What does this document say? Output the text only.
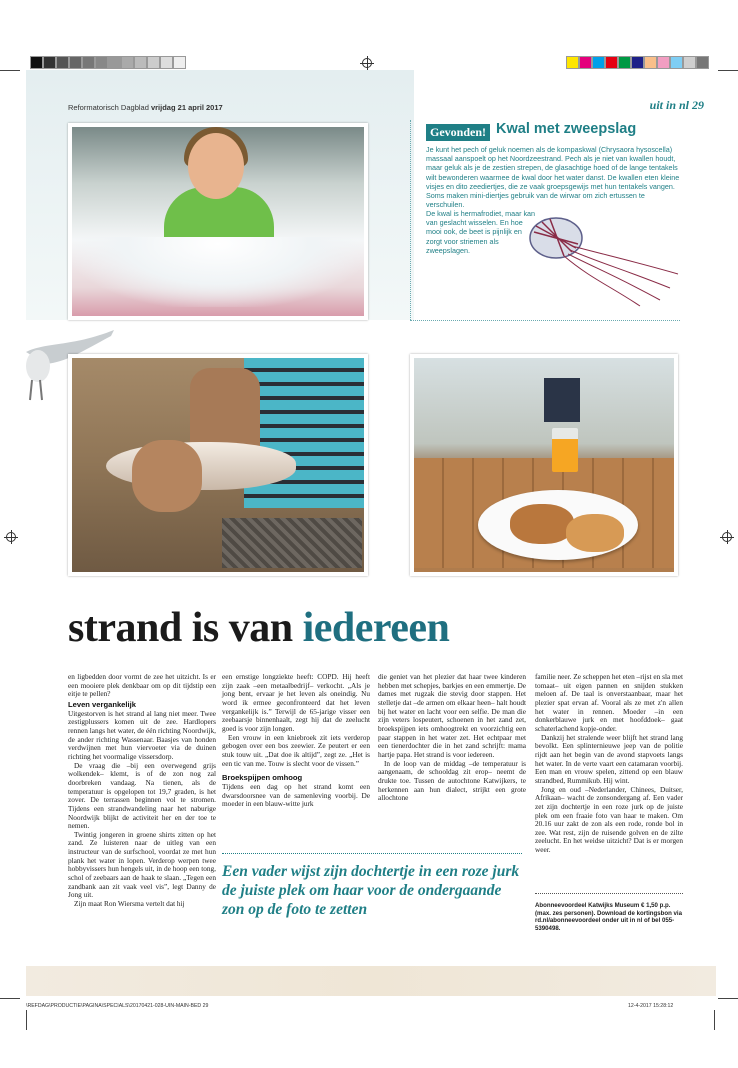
Reformatorisch Dagblad vrijdag 21 april 2017	uit in nl 29
Gevonden! Kwal met zweepslag
Je kunt het pech of geluk noemen als de kompaskwal (Chrysaora hysoscella) massaal aanspoelt op het Noordzeestrand. Pech als je niet van kwallen houdt, maar geluk als je de zestien strepen, de glasachtige hoed of de lange tentakels wilt bewonderen waarmee de kwal door het water danst. De kwallen eten kleine visjes en dito zeediertjes, die ze vaak groepsgewijs met hun tentakels vangen. Soms maken mini-diertjes gebruik van de wirwar om zich ertussen te verschuilen.
De kwal is hermafrodiet, maar kan van geslacht wisselen. En hoe mooi ook, de beet is pijnlijk en zorgt voor striemen als zweepslagen.
strand is van iedereen

en ligbedden door vormt de zee het uitzicht. Is er een mooiere plek denkbaar om op dit tijdstip een eitje te pellen?

Leven vergankelijk

Uitgestorven is het strand al lang niet meer. Twee zestigplussers komen uit de zee. Hardlopers rennen langs het water, de één richting Noordwijk, de ander richting Wassenaar. Baasjes van honden verdwijnen met hun viervoeter via de duinen richting het voormalige vissersdorp.

De vraag die –bij een overwegend grijs wolkendek– klemt, is of de zon nog zal doorbreken vandaag. Na tienen, als de temperatuur is opgelopen tot 19,7 graden, is het zover. De terrassen beginnen vol te stromen. Tijdens een strandwandeling naar het naburige Noordwijk blijkt de activiteit her en der toe te nemen.

Twintig jongeren in groene shirts zitten op het zand. Ze luisteren naar de uitleg van een instructeur van de surfschool, voordat ze met hun plank het water in lopen. Verderop werpen twee hobbyvissers hun hengels uit, in de hoop een tong, schol of zeebaars aan de haak te slaan. „Tegen een zandbank aan zit vaak veel vis”, legt Danny de Jong uit.

Zijn maat Ron Wiersma vertelt dat hij

een ernstige longziekte heeft: COPD. Hij heeft zijn zaak –een metaalbedrijf– verkocht. „Als je jong bent, ervaar je het leven als oneindig. Nu word ik ermee geconfronteerd dat het leven vergankelijk is.” Terwijl de 65-jarige visser een zeebaarsje binnenhaalt, zegt hij dat de zeelucht goed is voor zijn longen.

Een vrouw in een kniebroek zit iets verderop gebogen over een bos zeewier. Ze peutert er een stuk touw uit. „Dat doe ik altijd”, zegt ze. „Het is een tic van me. Touw is slecht voor de vissen.”

Broekspijpen omhoog

Tijdens een dag op het strand komt een dwarsdoorsnee van de samenleving voorbij. De moeder in een blauw-witte jurk

die geniet van het plezier dat haar twee kinderen hebben met schepjes, barkjes en een emmertje. De dames met rugzak die stevig door stappen. Het stelletje dat –de armen om elkaar heen– halt houdt bij het water en lacht voor een selfie. De man die zijn veters lospeutert, schoenen in het zand zet, broekspijpen iets omhoogtrekt en voorzichtig een paar stappen in het water zet. Het echtpaar met een tienerdochter die in het zand schrijft: mama hartje papa. Het strand is voor iedereen.

In de loop van de middag –de temperatuur is aangenaam, de schooldag zit erop– neemt de drukte toe. Tussen de autochtone Katwijkers, te herkennen aan hun dialect, strijkt een grote allochtone

familie neer. Ze scheppen het eten –rijst en sla met tomaat– uit eigen pannen en snijden stukken meloen af. De taal is onverstaanbaar, maar het plezier spat ervan af. Vooral als ze met z'n allen het water in rennen. Moeder –in een donkerblauwe jurk en met hoofddoek– gaat schaterlachend kopje-onder.

Dankzij het stralende weer blijft het strand lang bevolkt. Een splinternieuwe jeep van de politie rijdt aan het begin van de avond stapvoets langs het water. In de verte vaart een catamaran voorbij. Een man en vrouw spelen, zittend op een blauw strandbed, Rummikub. Hij wint.

Jong en oud –Nederlander, Chinees, Duitser, Afrikaan– wacht de zonsondergang af. Een vader zet zijn dochtertje in een roze jurk op de juiste plek om een fraaie foto van haar te maken. Om 20.16 uur zakt de zon als een rode, ronde bol in zee. Wat rest, zijn de ruisende golven en de zilte zeelucht. En het weidse uitzicht? Dat is er morgen weer.

Een vader wijst zijn dochtertje in een roze jurk de juiste plek om haar voor de ondergaande zon op de foto te zetten	Abonneevoordeel Katwijks Museum € 1,50 p.p. (max. zes personen). Download de kortingsbon via rd.nl/abonneevoordeel onder uit in nl of bel 055-5390498.
\REFDAG\PRODUCTIE\PAGINA\SPECIALS\20170421-028-UIN-MAIN-BED 29	12-4-2017 15:28:12
